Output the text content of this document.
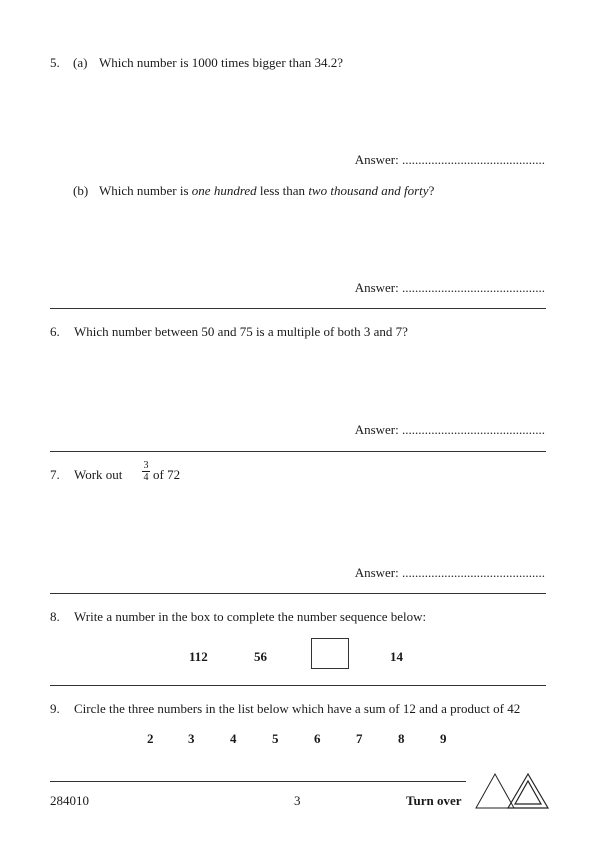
5. (a) Which number is 1000 times bigger than 34.2?
Answer: ............................................
(b) Which number is one hundred less than two thousand and forty?
Answer: ............................................
6. Which number between 50 and 75 is a multiple of both 3 and 7?
Answer: ............................................
7. Work out
3
4 of 72
Answer: ............................................
8. Write a number in the box to complete the number sequence below:
112	56	14
9. Circle the three numbers in the list below which have a sum of 12 and a product of 42
2	3	4	5	6	7	8	9
284010	3	Turn over
